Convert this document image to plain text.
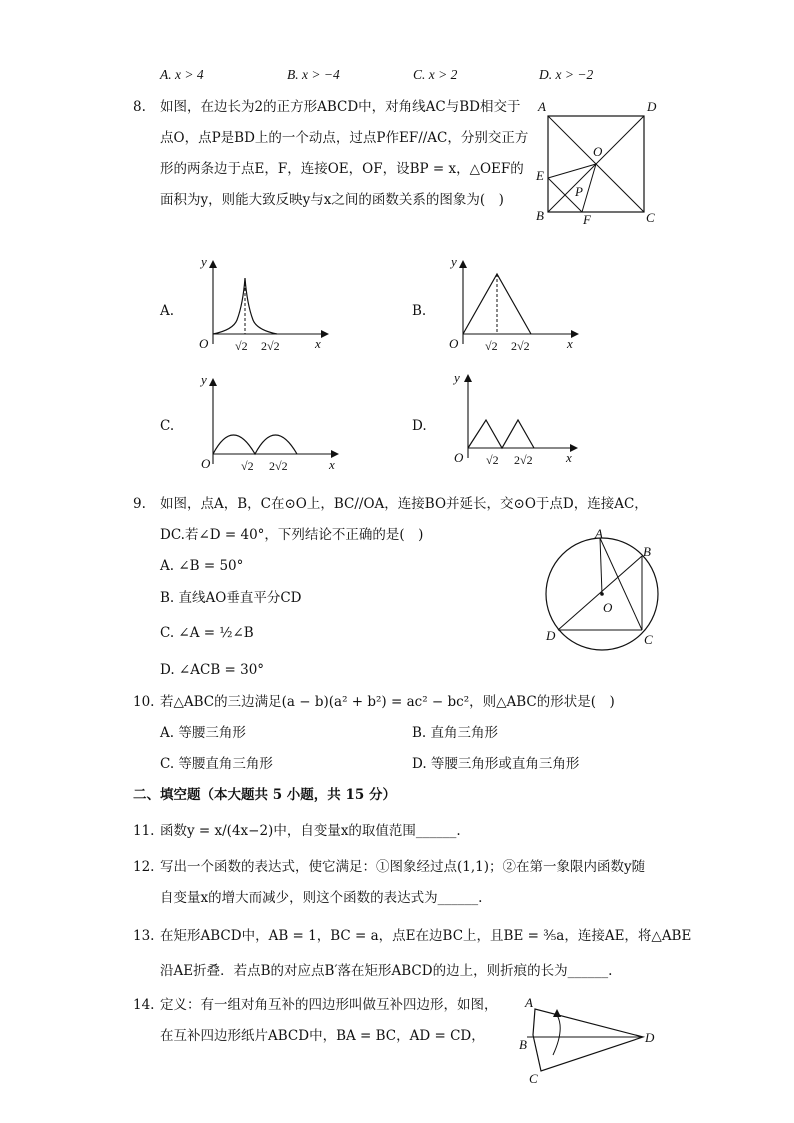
A. x > 4	B. x > −4	C. x > 2	D. x > −2
8. 如图，在边长为2的正方形ABCD中，对角线AC与BD相交于
点O，点P是BD上的一个动点，过点P作EF//AC，分别交正方
形的两条边于点E，F，连接OE，OF，设BP = x，△OEF的
面积为y，则能大致反映y与x之间的函数关系的图象为(　)
A	D
O
E
P
B	F	C
A.	B.
C.	D.
y
x
O √2 2√2
y
x
O √2 2√2
y
x
O	√2 2√2
y
x
O √2 2√2
9. 如图，点A，B，C在⊙O上，BC//OA，连接BO并延长，交⊙O于点D，连接AC，
DC.若∠D = 40°，下列结论不正确的是(　)
A. ∠B = 50°
B. 直线AO垂直平分CD
C. ∠A = ½∠B
D. ∠ACB = 30°
A
B
O
D	C
10. 若△ABC的三边满足(a − b)(a² + b²) = ac² − bc²，则△ABC的形状是(　)
A. 等腰三角形	B. 直角三角形
C. 等腰直角三角形	D. 等腰三角形或直角三角形
二、填空题（本大题共 5 小题，共 15 分）
11. 函数y = x/(4x−2)中，自变量x的取值范围______.
12. 写出一个函数的表达式，使它满足：①图象经过点(1,1)；②在第一象限内函数y随
自变量x的增大而减少，则这个函数的表达式为______.
13. 在矩形ABCD中，AB = 1，BC = a，点E在边BC上，且BE = ⅗a，连接AE，将△ABE
沿AE折叠．若点B的对应点B′落在矩形ABCD的边上，则折痕的长为______.
14. 定义：有一组对角互补的四边形叫做互补四边形，如图，
在互补四边形纸片ABCD中，BA = BC，AD = CD，
A
B
C
D
